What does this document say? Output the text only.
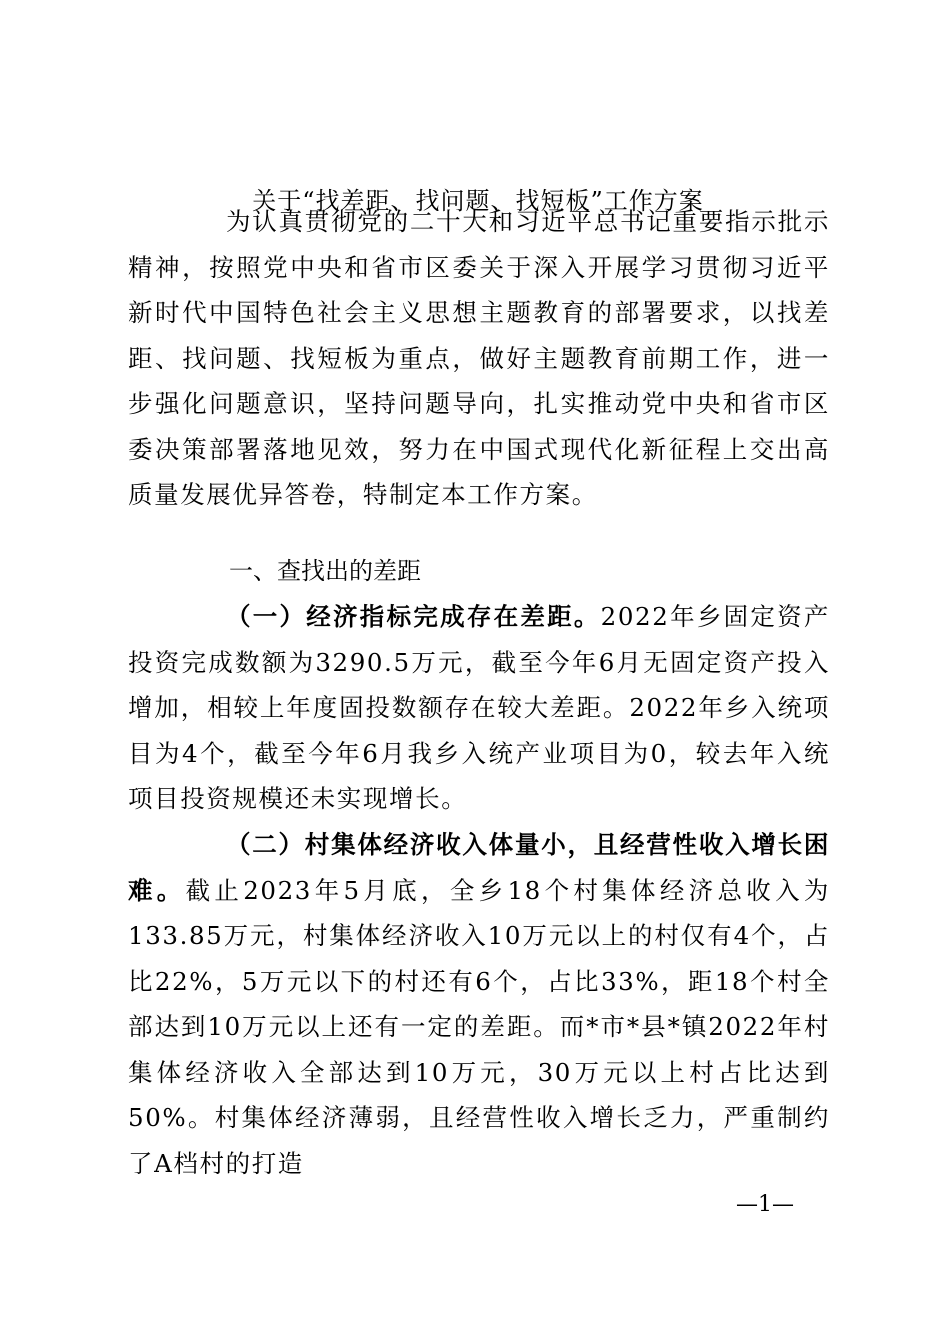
关于“找差距、找问题、找短板”工作方案

为认真贯彻党的二十大和习近平总书记重要指示批示精神，按照党中央和省市区委关于深入开展学习贯彻习近平新时代中国特色社会主义思想主题教育的部署要求，以找差距、找问题、找短板为重点，做好主题教育前期工作，进一步强化问题意识，坚持问题导向，扎实推动党中央和省市区委决策部署落地见效，努力在中国式现代化新征程上交出高质量发展优异答卷，特制定本工作方案。

一、查找出的差距

（一）经济指标完成存在差距。2022年乡固定资产投资完成数额为3290.5万元，截至今年6月无固定资产投入增加，相较上年度固投数额存在较大差距。2022年乡入统项目为4个，截至今年6月我乡入统产业项目为0，较去年入统项目投资规模还未实现增长。

（二）村集体经济收入体量小，且经营性收入增长困难。截止2023年5月底，全乡18个村集体经济总收入为133.85万元，村集体经济收入10万元以上的村仅有4个，占比22%，5万元以下的村还有6个，占比33%，距18个村全部达到10万元以上还有一定的差距。而*市*县*镇2022年村集体经济收入全部达到10万元，30万元以上村占比达到50%。村集体经济薄弱，且经营性收入增长乏力，严重制约了A档村的打造

—1—
